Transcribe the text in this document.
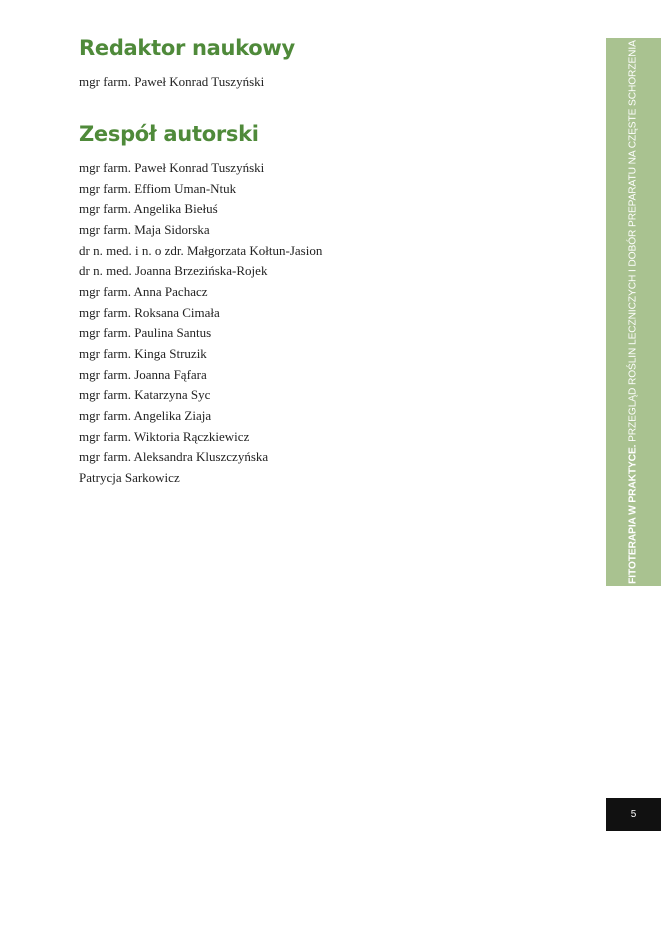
Redaktor naukowy
mgr farm. Paweł Konrad Tuszyński
Zespół autorski
mgr farm. Paweł Konrad Tuszyński
mgr farm. Effiom Uman-Ntuk
mgr farm. Angelika Biełuś
mgr farm. Maja Sidorska
dr n. med. i n. o zdr. Małgorzata Kołtun-Jasion
dr n. med. Joanna Brzezińska-Rojek
mgr farm. Anna Pachacz
mgr farm. Roksana Cimała
mgr farm. Paulina Santus
mgr farm. Kinga Struzik
mgr farm. Joanna Fąfara
mgr farm. Katarzyna Syc
mgr farm. Angelika Ziaja
mgr farm. Wiktoria Rączkiewicz
mgr farm. Aleksandra Kluszczyńska
Patrycja Sarkowicz	FITOTERAPIA W PRAKTYCE. PRZEGLĄD ROŚLIN LECZNICZYCH I DOBÓR PREPARATU NA CZĘSTE SCHORZENIA
5
